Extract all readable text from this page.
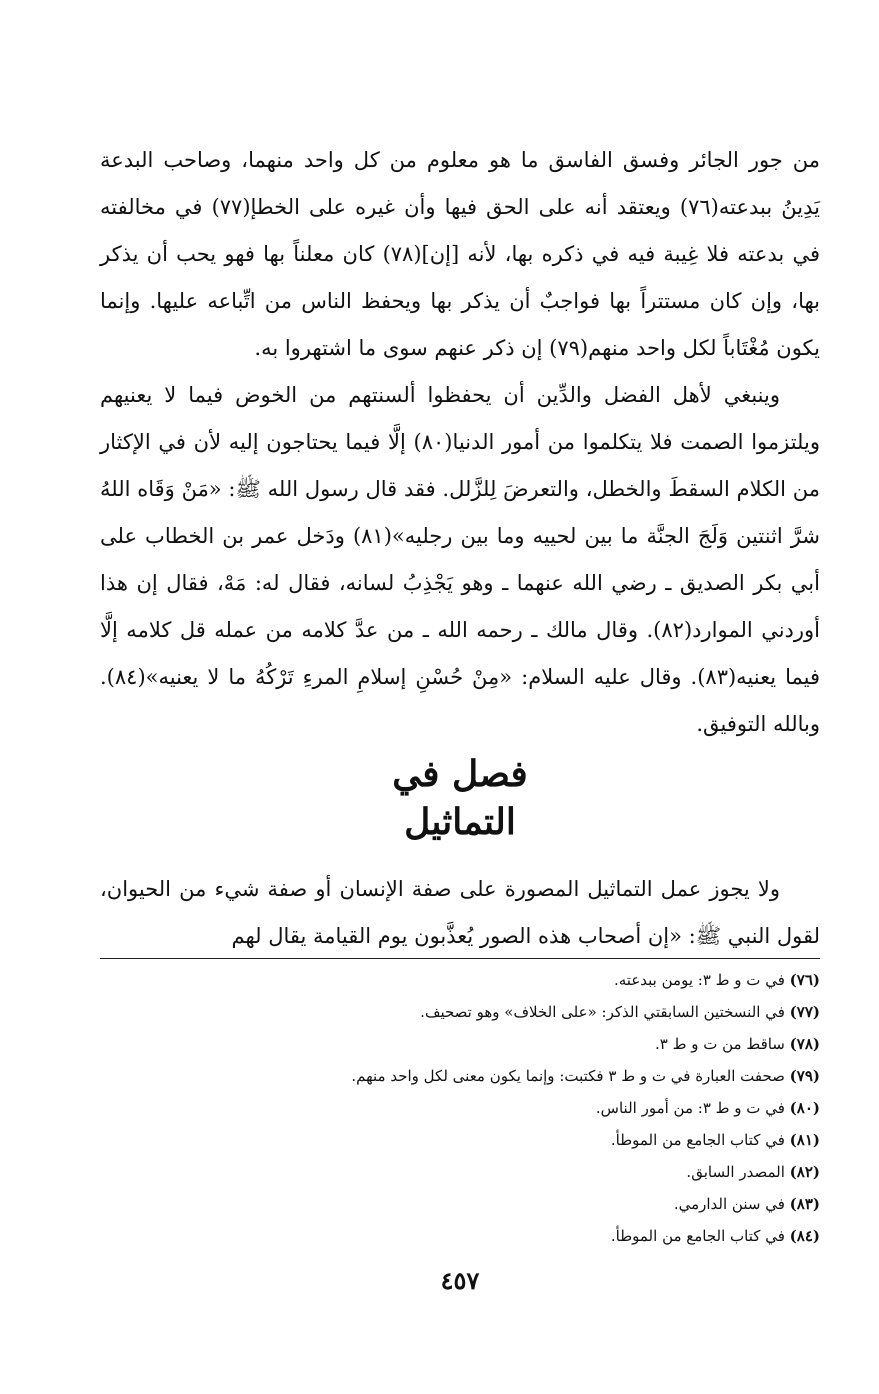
من جور الجائر وفسق الفاسق ما هو معلوم من كل واحد منهما، وصاحب البدعة يَدِينُ ببدعته(٧٦) ويعتقد أنه على الحق فيها وأن غيره على الخطإ(٧٧) في مخالفته في بدعته فلا غِيبة فيه في ذكره بها، لأنه [إن](٧٨) كان معلناً بها فهو يحب أن يذكر بها، وإن كان مستتراً بها فواجبٌ أن يذكر بها ويحفظ الناس من اتِّباعه عليها. وإنما يكون مُغْتَاباً لكل واحد منهم(٧٩) إن ذكر عنهم سوى ما اشتهروا به.

وينبغي لأهل الفضل والدِّين أن يحفظوا ألسنتهم من الخوض فيما لا يعنيهم ويلتزموا الصمت فلا يتكلموا من أمور الدنيا(٨٠) إلَّا فيما يحتاجون إليه لأن في الإكثار من الكلام السقطَ والخطل، والتعرضَ لِلزَّلل. فقد قال رسول الله ﷺ: «مَنْ وَقَاه اللهُ شرَّ اثنتين وَلَجَ الجنَّة ما بين لحييه وما بين رجليه»(٨١) ودَخل عمر بن الخطاب على أبي بكر الصديق ـ رضي الله عنهما ـ وهو يَجْذِبُ لسانه، فقال له: مَهْ، فقال إن هذا أوردني الموارد(٨٢). وقال مالك ـ رحمه الله ـ من عدَّ كلامه من عمله قل كلامه إلَّا فيما يعنيه(٨٣). وقال عليه السلام: «مِنْ حُسْنِ إسلامِ المرءِ تَرْكُهُ ما لا يعنيه»(٨٤). وبالله التوفيق.

فصل في
التماثيل

ولا يجوز عمل التماثيل المصورة على صفة الإنسان أو صفة شيء من الحيوان، لقول النبي ﷺ: «إن أصحاب هذه الصور يُعذَّبون يوم القيامة يقال لهم

(٧٦) في ت و ط ٣: يومن ببدعته.
(٧٧) في النسختين السابقتي الذكر: «على الخلاف» وهو تصحيف.
(٧٨) ساقط من ت و ط ٣.
(٧٩) صحفت العبارة في ت و ط ٣ فكتبت: وإنما يكون معنى لكل واحد منهم.
(٨٠) في ت و ط ٣: من أمور الناس.
(٨١) في كتاب الجامع من الموطأ.
(٨٢) المصدر السابق.
(٨٣) في سنن الدارمي.
(٨٤) في كتاب الجامع من الموطأ.
٤٥٧
